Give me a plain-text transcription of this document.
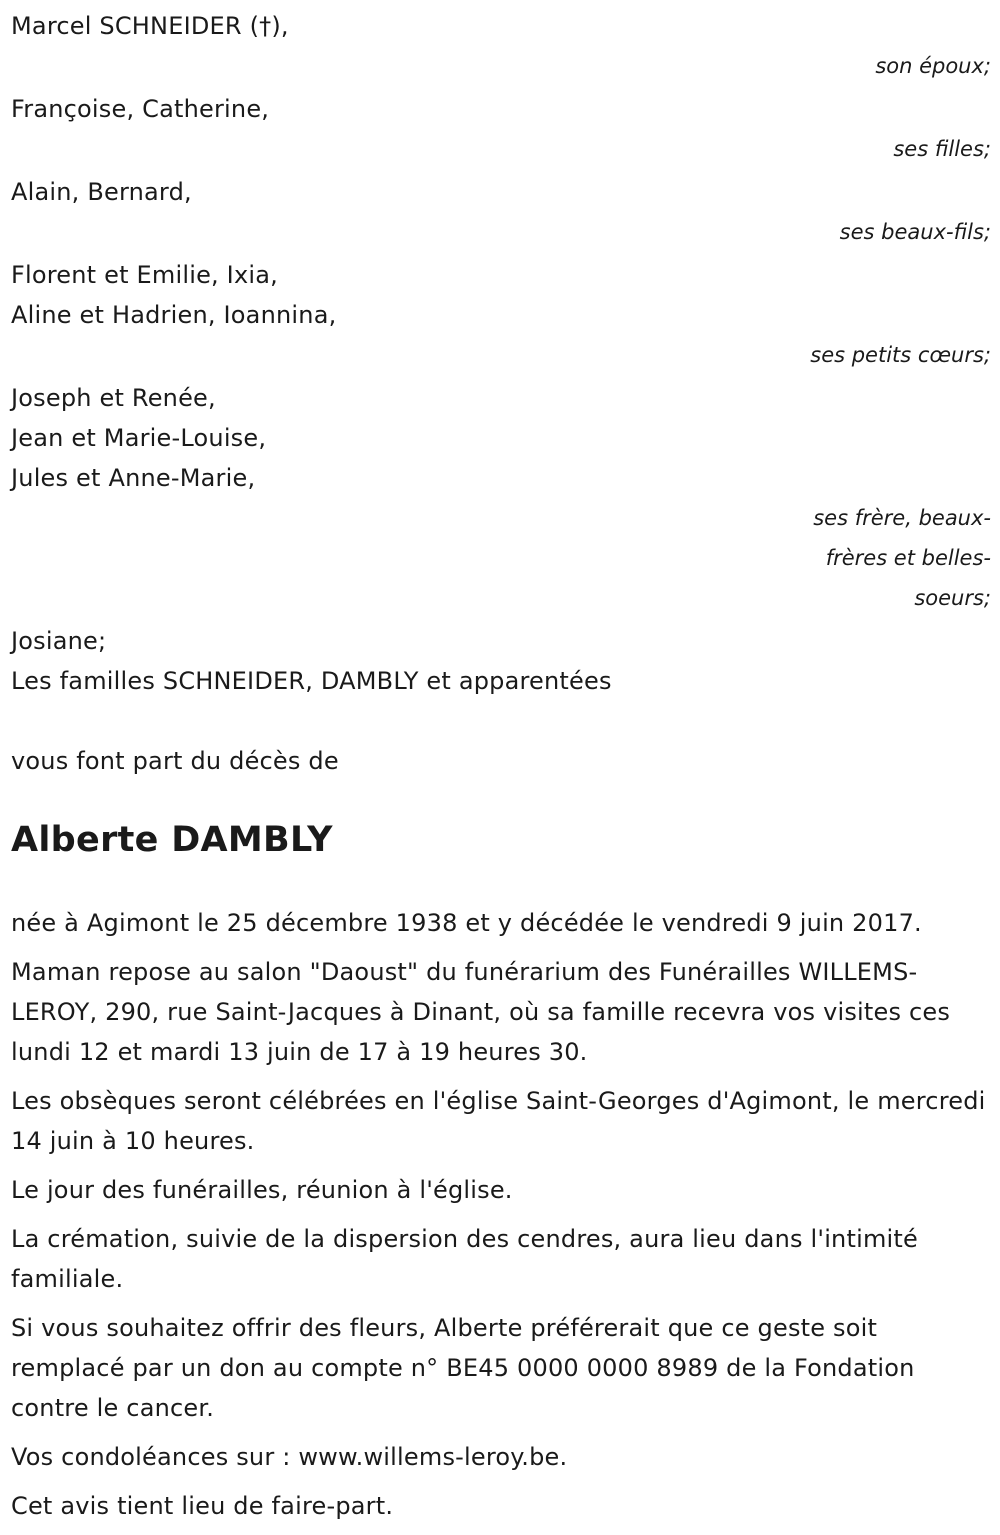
Marcel SCHNEIDER (†),
son époux;
Françoise, Catherine,
ses filles;
Alain, Bernard,
ses beaux-fils;
Florent et Emilie, Ixia,
Aline et Hadrien, Ioannina,
ses petits cœurs;
Joseph et Renée,
Jean et Marie-Louise,
Jules et Anne-Marie,
ses frère, beaux-
frères et belles-
soeurs;
Josiane;
Les familles SCHNEIDER, DAMBLY et apparentées
vous font part du décès de
Alberte DAMBLY

née à Agimont le 25 décembre 1938 et y décédée le vendredi 9 juin 2017.

Maman repose au salon "Daoust" du funérarium des Funérailles WILLEMS-LEROY, 290, rue Saint-Jacques à Dinant, où sa famille recevra vos visites ces lundi 12 et mardi 13 juin de 17 à 19 heures 30.

Les obsèques seront célébrées en l'église Saint-Georges d'Agimont, le mercredi 14 juin à 10 heures.

Le jour des funérailles, réunion à l'église.

La crémation, suivie de la dispersion des cendres, aura lieu dans l'intimité familiale.

Si vous souhaitez offrir des fleurs, Alberte préférerait que ce geste soit remplacé par un don au compte n° BE45 0000 0000 8989 de la Fondation contre le cancer.

Vos condoléances sur : www.willems-leroy.be.

Cet avis tient lieu de faire-part.
